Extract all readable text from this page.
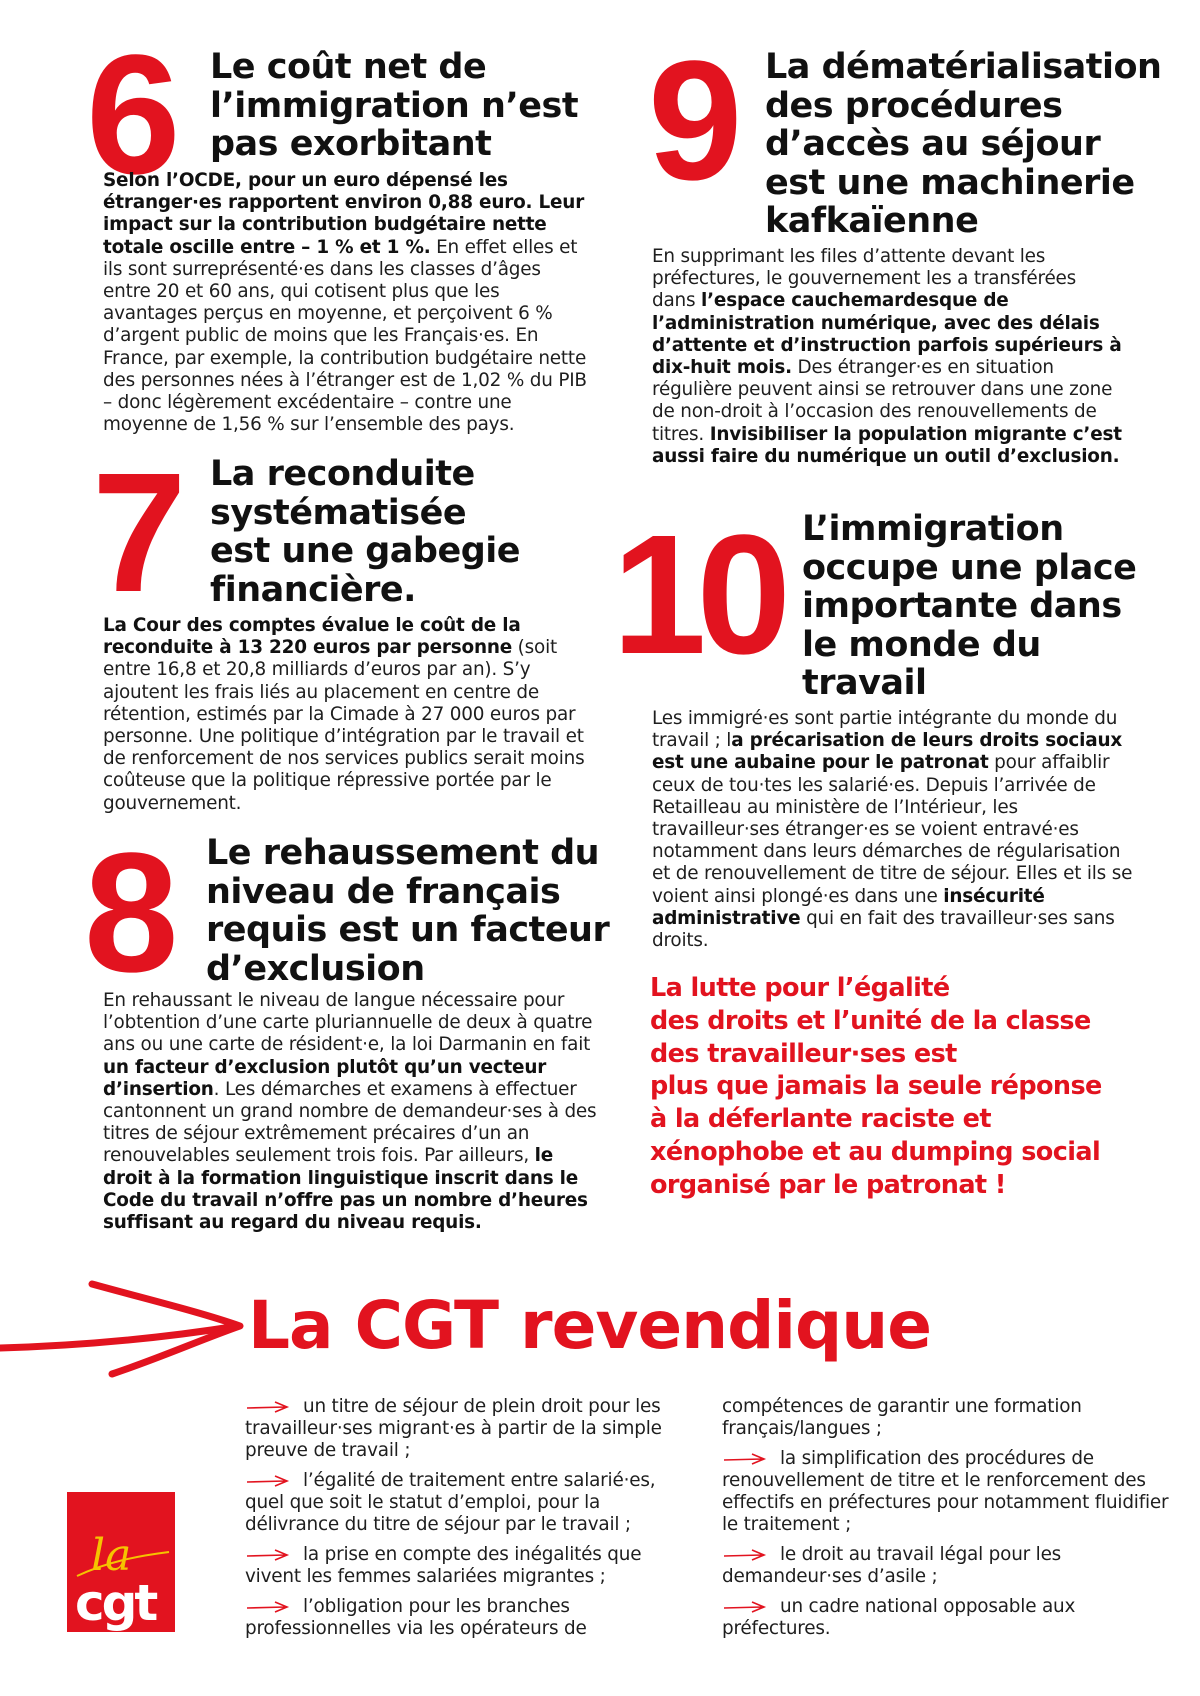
6 Le coût net de
l’immigration n’est
pas exorbitant

Selon l’OCDE, pour un euro dépensé les étranger·es rapportent environ 0,88 euro. Leur impact sur la contribution budgétaire nette totale oscille entre – 1 % et 1 %. En effet elles et ils sont surreprésenté·es dans les classes d’âges entre 20 et 60 ans, qui cotisent plus que les avantages perçus en moyenne, et perçoivent 6 % d’argent public de moins que les Français·es. En France, par exemple, la contribution budgétaire nette des personnes nées à l’étranger est de 1,02 % du PIB – donc légèrement excédentaire – contre une moyenne de 1,56 % sur l’ensemble des pays.

7 La reconduite
systématisée
est une gabegie
financière.

La Cour des comptes évalue le coût de la reconduite à 13 220 euros par personne (soit entre 16,8 et 20,8 milliards d’euros par an). S’y ajoutent les frais liés au placement en centre de rétention, estimés par la Cimade à 27 000 euros par personne. Une politique d’intégration par le travail et de renforcement de nos services publics serait moins coûteuse que la politique répressive portée par le gouvernement.

8 Le rehaussement du
niveau de français
requis est un facteur
d’exclusion

En rehaussant le niveau de langue nécessaire pour l’obtention d’une carte pluriannuelle de deux à quatre ans ou une carte de résident·e, la loi Darmanin en fait un facteur d’exclusion plutôt qu’un vecteur d’insertion. Les démarches et examens à effectuer cantonnent un grand nombre de demandeur·ses à des titres de séjour extrêmement précaires d’un an renouvelables seulement trois fois. Par ailleurs, le droit à la formation linguistique inscrit dans le Code du travail n’offre pas un nombre d’heures suffisant au regard du niveau requis.

9 La dématérialisation
des procédures
d’accès au séjour
est une machinerie
kafkaïenne

En supprimant les files d’attente devant les préfectures, le gouvernement les a transférées dans l’espace cauchemardesque de l’administration numérique, avec des délais d’attente et d’instruction parfois supérieurs à dix-huit mois. Des étranger·es en situation régulière peuvent ainsi se retrouver dans une zone de non-droit à l’occasion des renouvellements de titres. Invisibiliser la population migrante c’est aussi faire du numérique un outil d’exclusion.

10 L’immigration
occupe une place
importante dans
le monde du
travail

Les immigré·es sont partie intégrante du monde du travail ; la précarisation de leurs droits sociaux est une aubaine pour le patronat pour affaiblir ceux de tou·tes les salarié·es. Depuis l’arrivée de Retailleau au ministère de l’Intérieur, les travailleur·ses étranger·es se voient entravé·es notamment dans leurs démarches de régularisation et de renouvellement de titre de séjour. Elles et ils se voient ainsi plongé·es dans une insécurité administrative qui en fait des travailleur·ses sans droits.

La lutte pour l’égalité
des droits et l’unité de la classe
des travailleur·ses est
plus que jamais la seule réponse
à la déferlante raciste et
xénophobe et au dumping social
organisé par le patronat !
La CGT revendique

un titre de séjour de plein droit pour les travailleur·ses migrant·es à partir de la simple preuve de travail ;

l’égalité de traitement entre salarié·es, quel que soit le statut d’emploi, pour la délivrance du titre de séjour par le travail ;

la prise en compte des inégalités que vivent les femmes salariées migrantes ;

l’obligation pour les branches professionnelles via les opérateurs de

compétences de garantir une formation français/langues ;

la simplification des procédures de renouvellement de titre et le renforcement des effectifs en préfectures pour notamment fluidifier le traitement ;

le droit au travail légal pour les demandeur·ses d’asile ;

un cadre national opposable aux préfectures.

la
cgt
